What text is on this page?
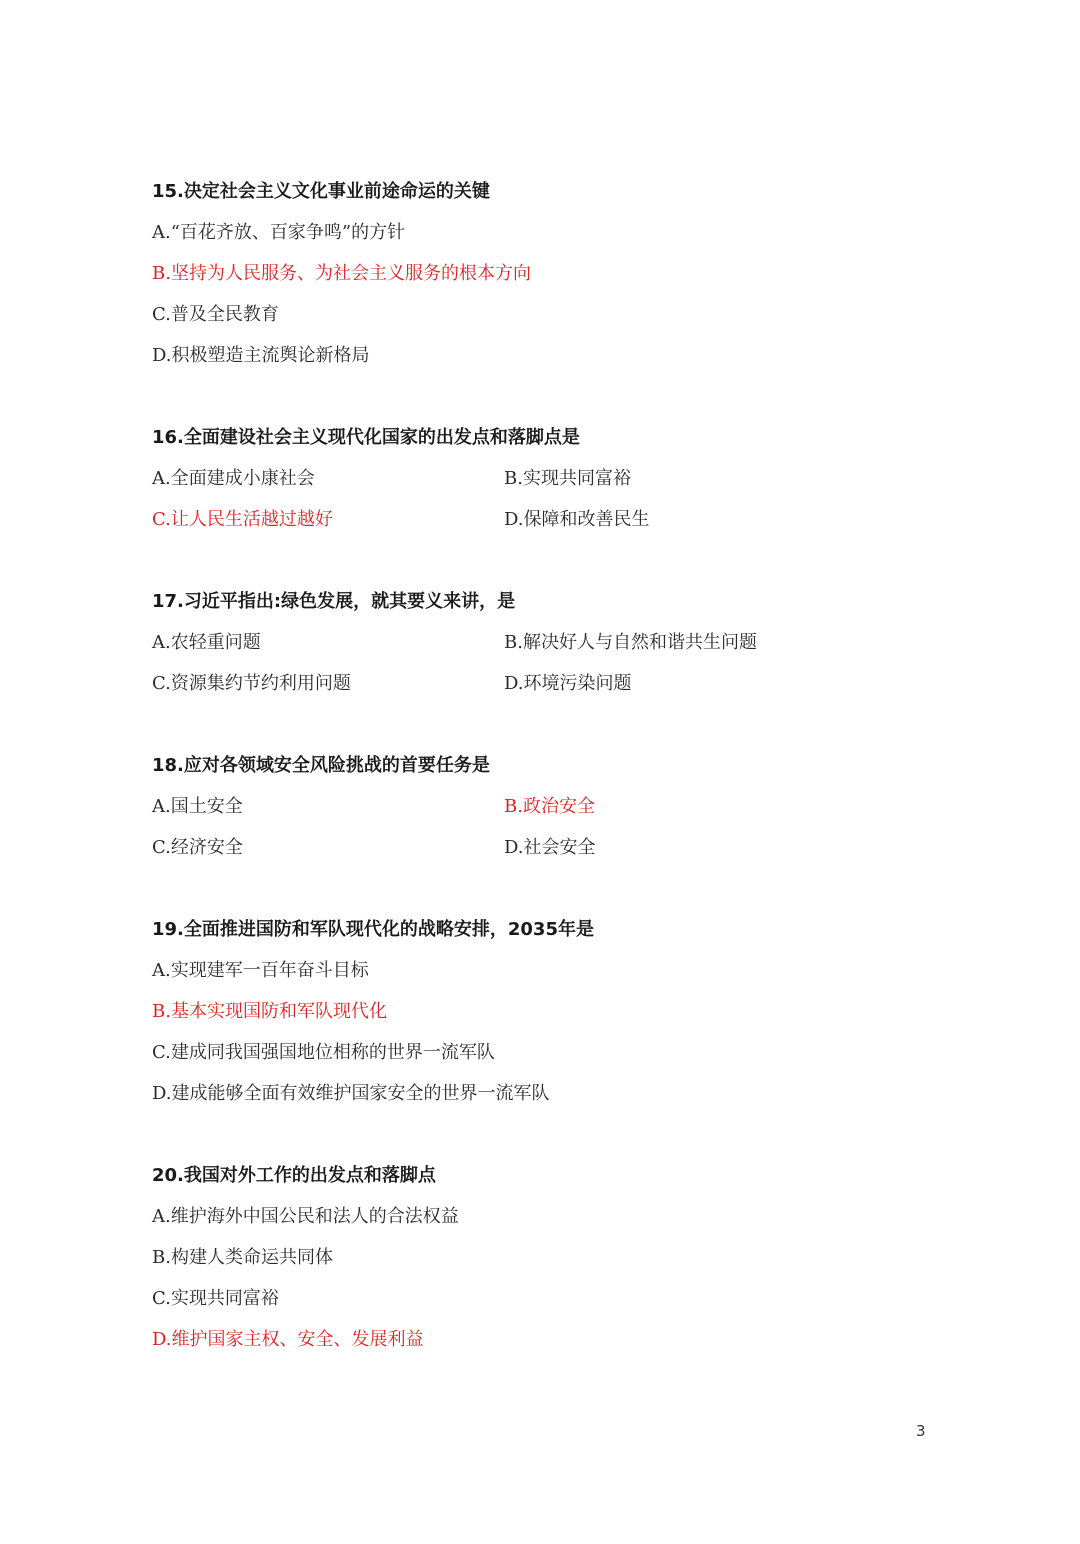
15.决定社会主义文化事业前途命运的关键
A.“百花齐放、百家争鸣”的方针
B.坚持为人民服务、为社会主义服务的根本方向
C.普及全民教育
D.积极塑造主流舆论新格局
16.全面建设社会主义现代化国家的出发点和落脚点是
A.全面建成小康社会	B.实现共同富裕
C.让人民生活越过越好	D.保障和改善民生
17.习近平指出:绿色发展，就其要义来讲，是
A.农轻重问题	B.解决好人与自然和谐共生问题
C.资源集约节约利用问题	D.环境污染问题
18.应对各领域安全风险挑战的首要任务是
A.国土安全	B.政治安全
C.经济安全	D.社会安全
19.全面推进国防和军队现代化的战略安排，2035年是
A.实现建军一百年奋斗目标
B.基本实现国防和军队现代化
C.建成同我国强国地位相称的世界一流军队
D.建成能够全面有效维护国家安全的世界一流军队
20.我国对外工作的出发点和落脚点
A.维护海外中国公民和法人的合法权益
B.构建人类命运共同体
C.实现共同富裕
D.维护国家主权、安全、发展利益
3
